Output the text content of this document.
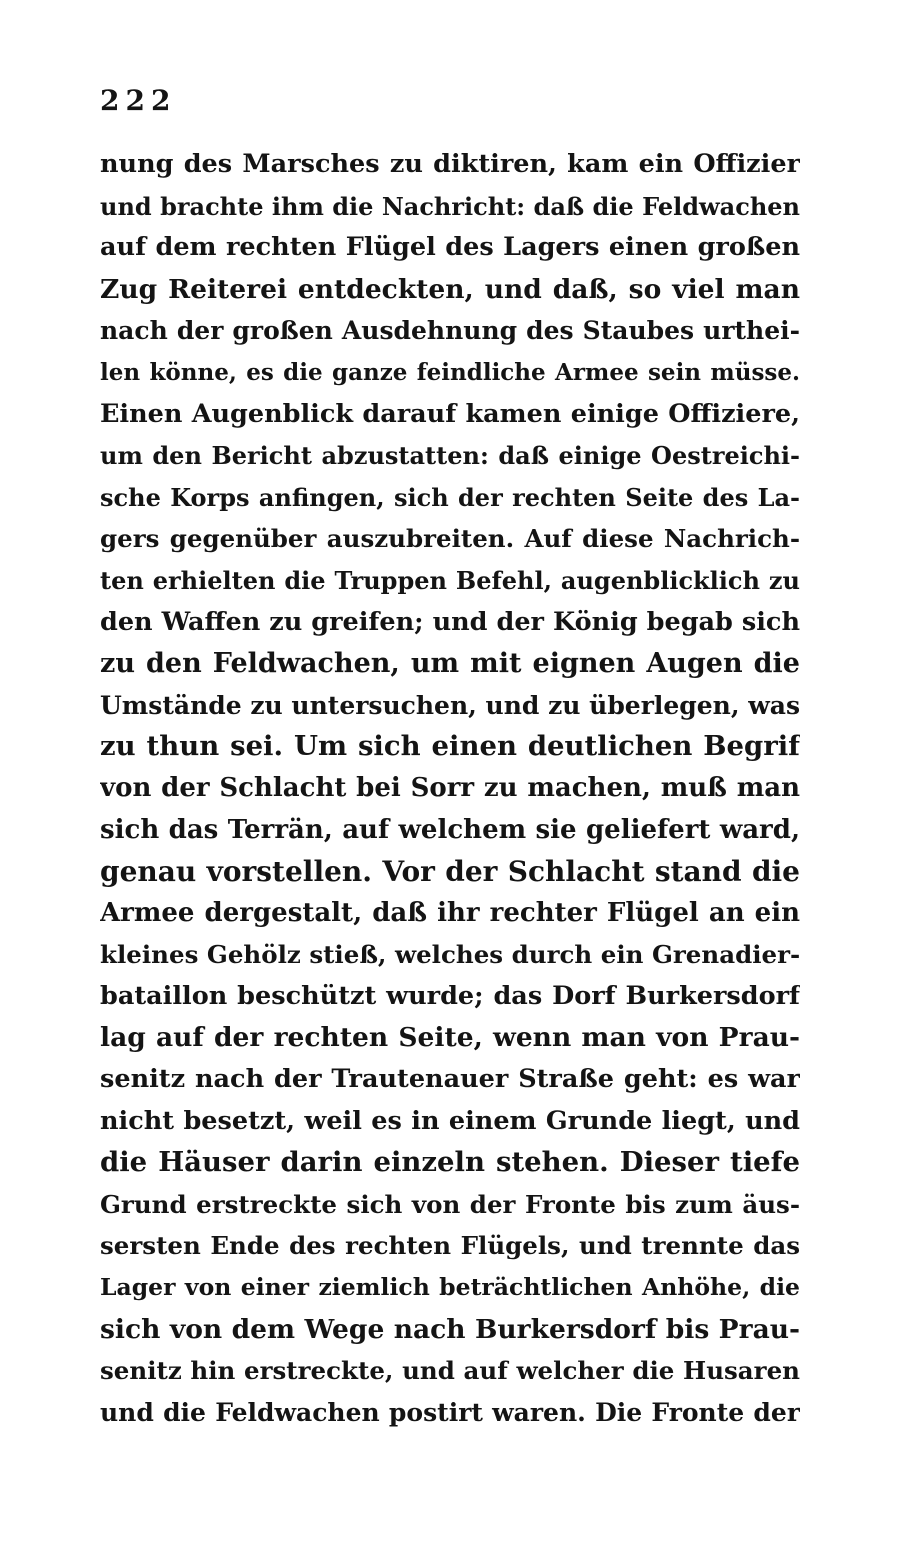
222
nung des Marsches zu diktiren, kam ein Offizier
und brachte ihm die Nachricht: daß die Feldwachen
auf dem rechten Flügel des Lagers einen großen
Zug Reiterei entdeckten, und daß, so viel man
nach der großen Ausdehnung des Staubes urthei-
len könne, es die ganze feindliche Armee sein müsse.
Einen Augenblick darauf kamen einige Offiziere,
um den Bericht abzustatten: daß einige Oestreichi-
sche Korps anfingen, sich der rechten Seite des La-
gers gegenüber auszubreiten. Auf diese Nachrich-
ten erhielten die Truppen Befehl, augenblicklich zu
den Waffen zu greifen; und der König begab sich
zu den Feldwachen, um mit eignen Augen die
Umstände zu untersuchen, und zu überlegen, was
zu thun sei. Um sich einen deutlichen Begrif
von der Schlacht bei Sorr zu machen, muß man
sich das Terrän, auf welchem sie geliefert ward,
genau vorstellen. Vor der Schlacht stand die
Armee dergestalt, daß ihr rechter Flügel an ein
kleines Gehölz stieß, welches durch ein Grenadier-
bataillon beschützt wurde; das Dorf Burkersdorf
lag auf der rechten Seite, wenn man von Prau-
senitz nach der Trautenauer Straße geht: es war
nicht besetzt, weil es in einem Grunde liegt, und
die Häuser darin einzeln stehen. Dieser tiefe
Grund erstreckte sich von der Fronte bis zum äus-
sersten Ende des rechten Flügels, und trennte das
Lager von einer ziemlich beträchtlichen Anhöhe, die
sich von dem Wege nach Burkersdorf bis Prau-
senitz hin erstreckte, und auf welcher die Husaren
und die Feldwachen postirt waren. Die Fronte der
